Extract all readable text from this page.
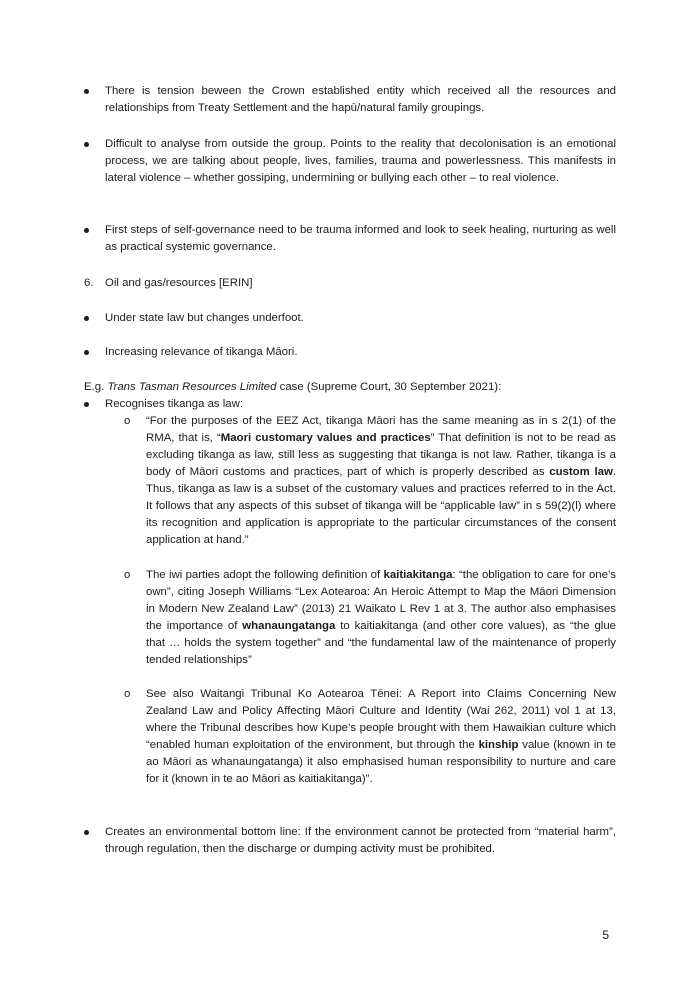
There is tension beween the Crown established entity which received all the resources and relationships from Treaty Settlement and the hapū/natural family groupings.
Difficult to analyse from outside the group. Points to the reality that decolonisation is an emotional process, we are talking about people, lives, families, trauma and powerlessness. This manifests in lateral violence – whether gossiping, undermining or bullying each other – to real violence.
First steps of self-governance need to be trauma informed and look to seek healing, nurturing as well as practical systemic governance.
6. Oil and gas/resources [ERIN]
Under state law but changes underfoot.
Increasing relevance of tikanga Māori.
E.g. Trans Tasman Resources Limited case (Supreme Court, 30 September 2021):
Recognises tikanga as law:
o	“For the purposes of the EEZ Act, tikanga Māori has the same meaning as in s 2(1) of the RMA, that is, “Maori customary values and practices” That definition is not to be read as excluding tikanga as law, still less as suggesting that tikanga is not law. Rather, tikanga is a body of Māori customs and practices, part of which is properly described as custom law. Thus, tikanga as law is a subset of the customary values and practices referred to in the Act. It follows that any aspects of this subset of tikanga will be “applicable law” in s 59(2)(l) where its recognition and application is appropriate to the particular circumstances of the consent application at hand.”
o	The iwi parties adopt the following definition of kaitiakitanga: “the obligation to care for one’s own”, citing Joseph Williams “Lex Aotearoa: An Heroic Attempt to Map the Māori Dimension in Modern New Zealand Law” (2013) 21 Waikato L Rev 1 at 3. The author also emphasises the importance of whanaungatanga to kaitiakitanga (and other core values), as “the glue that … holds the system together” and “the fundamental law of the maintenance of properly tended relationships”
o	See also Waitangi Tribunal Ko Aotearoa Tēnei: A Report into Claims Concerning New Zealand Law and Policy Affecting Māori Culture and Identity (Wai 262, 2011) vol 1 at 13, where the Tribunal describes how Kupe’s people brought with them Hawaikian culture which “enabled human exploitation of the environment, but through the kinship value (known in te ao Māori as whanaungatanga) it also emphasised human responsibility to nurture and care for it (known in te ao Māori as kaitiakitanga)”.
Creates an environmental bottom line: If the environment cannot be protected from “material harm”, through regulation, then the discharge or dumping activity must be prohibited.
5
